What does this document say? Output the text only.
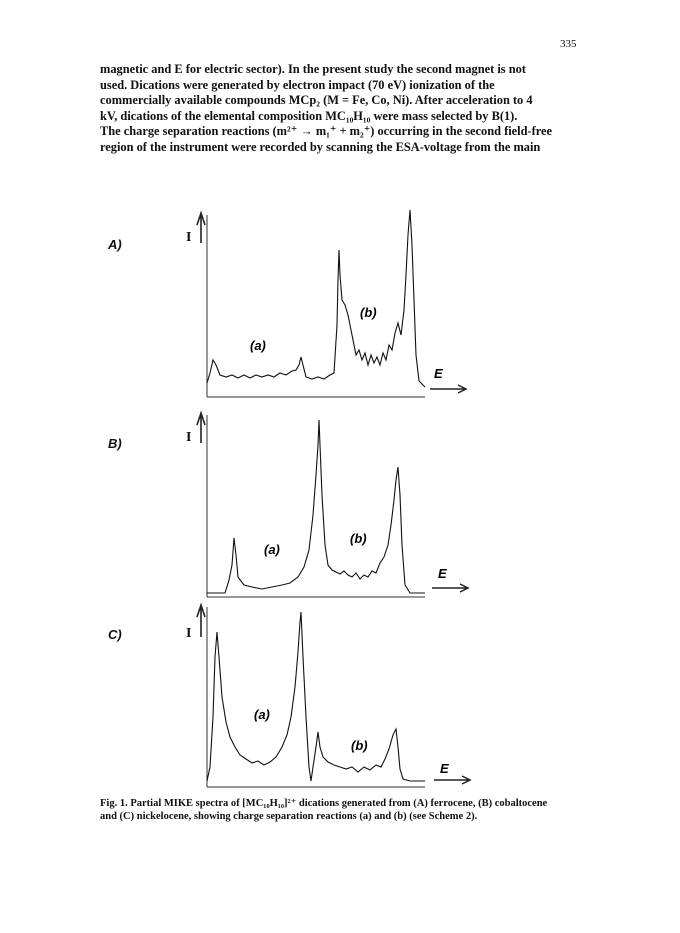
335

magnetic and E for electric sector). In the present study the second magnet is not

used. Dications were generated by electron impact (70 eV) ionization of the

commercially available compounds MCp₂ (M = Fe, Co, Ni). After acceleration to 4

kV, dications of the elemental composition MC₁₀H₁₀ were mass selected by B(1).

The charge separation reactions (m²⁺ → m₁⁺ + m₂⁺) occurring in the second field-free

region of the instrument were recorded by scanning the ESA-voltage from the main

A)	I
(a)
(b)
E
B)	I
(a)
(b)
E
C)	I
(a)
(b)
E

Fig. 1. Partial MIKE spectra of [MC₁₀H₁₀]²⁺ dications generated from (A) ferrocene, (B) cobaltocene

and (C) nickelocene, showing charge separation reactions (a) and (b) (see Scheme 2).
